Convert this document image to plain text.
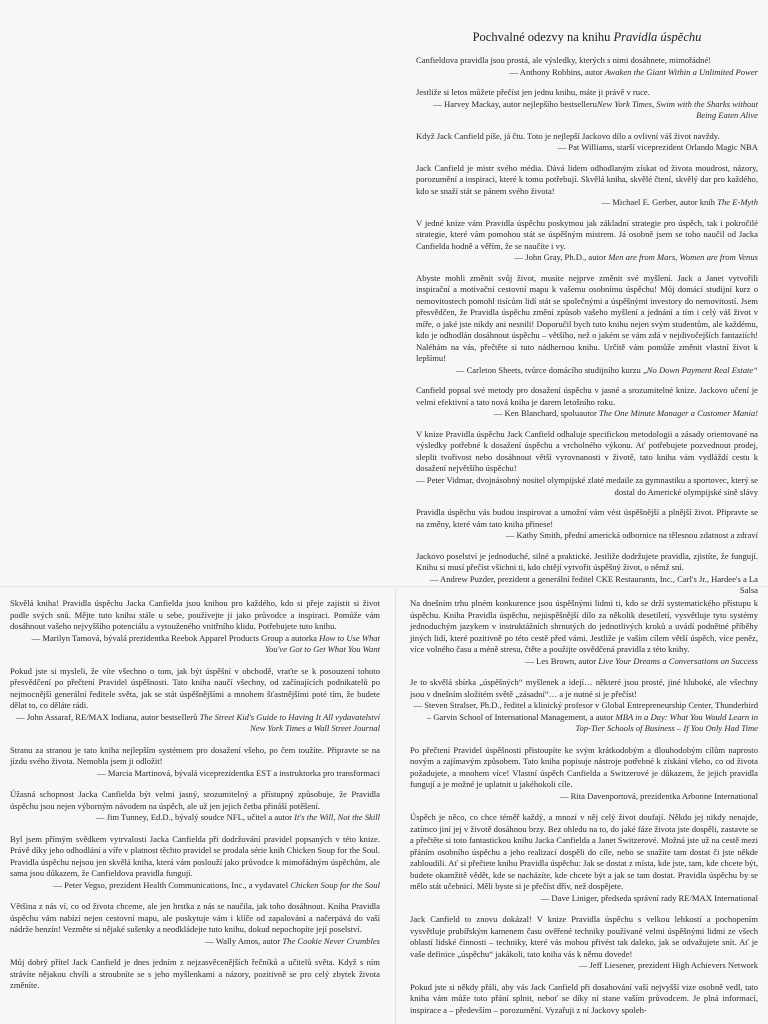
Pochvalné odezvy na knihu Pravidla úspěchu

Canfieldova pravidla jsou prostá, ale výsledky, kterých s nimi dosáhnete, mimořádné!

— Anthony Robbins, autor Awaken the Giant Within a Unlimited Power

Jestliže si letos můžete přečíst jen jednu knihu, máte ji právě v ruce.

— Harvey Mackay, autor nejlepšího bestselleruNew York Times, Swim with the Sharks without Being Eaten Alive

Když Jack Canfield píše, já čtu. Toto je nejlepší Jackovo dílo a ovlivní váš život navždy.

— Pat Williams, starší viceprezident Orlando Magic NBA

Jack Canfield je mistr svého média. Dává lidem odhodlaným získat od života moudrost, názory, porozumění a inspiraci, které k tomu potřebují. Skvělá kniha, skvělé čtení, skvělý dar pro každého, kdo se snaží stát se pánem svého života!

— Michael E. Gerber, autor knih The E-Myth

V jedné knize vám Pravidla úspěchu poskytnou jak základní strategie pro úspěch, tak i pokročilé strategie, které vám pomohou stát se úspěšným mistrem. Já osobně jsem se toho naučil od Jacka Canfielda hodně a věřím, že se naučíte i vy.

— John Gray, Ph.D., autor Men are from Mars, Women are from Venus

Abyste mohli změnit svůj život, musíte nejprve změnit své myšlení. Jack a Janet vytvořili inspirační a motivační cestovní mapu k vašemu osobnímu úspěchu! Můj domácí studijní kurz o nemovitostech pomohl tisícům lidí stát se společnými a úspěšnými investory do nemovitostí. Jsem přesvědčen, že Pravidla úspěchu změní způsob vašeho myšlení a jednání a tím i celý váš život v míře, o jaké jste nikdy ani nesnili! Doporučil bych tuto knihu nejen svým studentům, ale každému, kdo je odhodlán dosáhnout úspěchu – většího, než o jakém se vám zdá v nejdivočejších fantaziích! Naléhám na vás, přečtěte si tuto nádhernou knihu. Určitě vám pomůže změnit vlastní život k lepšímu!

— Carleton Sheets, tvůrce domácího studijního kurzu „No Down Payment Real Estate“

Canfield popsal své metody pro dosažení úspěchu v jasné a srozumitelné knize. Jackovo učení je velmi efektivní a tato nová kniha je darem letošního roku.

— Ken Blanchard, spoluautor The One Minute Manager a Customer Mania!

V knize Pravidla úspěchu Jack Canfield odhaluje specifickou metodologii a zásady orientované na výsledky potřebné k dosažení úspěchu a vrcholného výkonu. Ať potřebujete pozvednout prodej, sleplit tvořivost nebo dosáhnout větší vyrovnanosti v životě, tato kniha vám vydláždí cestu k dosažení největšího úspěchu!

— Peter Vidmar, dvojnásobný nositel olympijské zlaté medaile za gymnastiku a sportovec, který se dostal do Americké olympijské síně slávy

Pravidla úspěchu vás budou inspirovat a umožní vám vést úspěšnější a plnější život. Připravte se na změny, které vám tato kniha přinese!

— Kathy Smith, přední americká odbornice na tělesnou zdatnost a zdraví

Jackovo poselství je jednoduché, silné a praktické. Jestliže dodržujete pravidla, zjistíte, že fungují. Knihu si musí přečíst všichni ti, kdo chtějí vytvořit úspěšný život, o němž sní.

— Andrew Puzder, prezident a generální ředitel CKE Restaurants, Inc., Carl's Jr., Hardee's a La Salsa

Skvělá kniha! Pravidla úspěchu Jacka Canfielda jsou knihou pro každého, kdo si přeje zajistit si život podle svých snů. Mějte tuto knihu stále u sebe, používejte ji jako průvodce a inspiraci. Pomůže vám dosáhnout vašeho nejvyššího potenciálu a vytouženého vnitřního klidu. Potřebujete tuto knihu.

— Marilyn Tamová, bývalá prezidentka Reebok Apparel Products Group a autorka How to Use What You've Got to Get What You Want

Pokud jste si mysleli, že víte všechno o tom, jak být úspěšní v obchodě, vraťte se k posouzení tohoto přesvědčení po přečtení Pravidel úspěšnosti. Tato kniha naučí všechny, od začínajících podnikatelů po nejmocnější generální ředitele světa, jak se stát úspěšnějšími a mnohem šťastnějšími poté tím, že budete dělat to, co děláte rádi.

— John Assaraf, RE/MAX Indiana, autor bestsellerů The Street Kid's Guide to Having It All vydavatelství New York Times a Wall Street Journal

Stranu za stranou je tato kniha nejlepším systémem pro dosažení všeho, po čem toužíte. Připravte se na jízdu svého života. Nemohla jsem ji odložit!

— Marcia Martinová, bývalá viceprezidentka EST a instruktorka pro transformaci

Úžasná schopnost Jacka Canfielda být velmi jasný, srozumitelný a přístupný způsobuje, že Pravidla úspěchu jsou nejen výborným návodem na úspěch, ale už jen jejich četba přináší potěšení.

— Jim Tunney, Ed.D., bývalý soudce NFL, učitel a autor It's the Will, Not the Skill

Byl jsem přímým svědkem vytrvalosti Jacka Canfielda při dodržování pravidel popsaných v této knize. Právě díky jeho odhodlání a víře v platnost těchto pravidel se prodala série knih Chicken Soup for the Soul. Pravidla úspěchu nejsou jen skvělá kniha, která vám poslouží jako průvodce k mimořádným úspěchům, ale sama jsou důkazem, že Canfieldova pravidla fungují.

— Peter Vegso, prezident Health Communications, Inc., a vydavatel Chicken Soup for the Soul

Většina z nás ví, co od života chceme, ale jen hrstka z nás se naučila, jak toho dosáhnout. Kniha Pravidla úspěchu vám nabízí nejen cestovní mapu, ale poskytuje vám i klíče od zapalování a načerpává do vaší nádrže benzín! Vezměte si nějaké sušenky a neodkládejte tuto knihu, dokud nepochopíte její poselství.

— Wally Amos, autor The Cookie Never Crumbles

Můj dobrý přítel Jack Canfield je dnes jedním z nejzasvěcenějších řečníků a učitelů světa. Když s ním strávíte nějakou chvíli a stroubníte se s jeho myšlenkami a názory, pozitivně se pro celý zbytek života změníte.

Na dnešním trhu plném konkurence jsou úspěšnými lidmi ti, kdo se drží systematického přístupu k úspěchu. Kniha Pravidla úspěchu, nejúspěšnější dílo za několik desetiletí, vysvětluje tyto systémy jednoduchým jazykem v instruktážních shrnutých do jednotlivých kroků a uvádí podnětné příběhy jiných lidí, které pozitivně po této cestě před vámi. Jestliže je vaším cílem větší úspěch, více peněz, více volného času a méně stresu, čtěte a použijte osvědčená pravidla z této knihy.

— Les Brown, autor Live Your Dreams a Conversations on Success

Je to skvělá sbírka „úspěšných“ myšlenek a idejí… některé jsou prosté, jiné hluboké, ale všechny jsou v dnešním složitém světě „zásadní“… a je nutné si je přečíst!

— Steven Stralser, Ph.D., ředitel a klinický profesor v Global Entrepreneurship Center, Thunderbird – Garvin School of International Management, a autor MBA in a Day: What You Would Learn in Top-Tier Schools of Business – If You Only Had Time

Po přečtení Pravidel úspěšnosti přistoupíte ke svým krátkodobým a dlouhodobým cílům naprosto novým a zajímavým způsobem. Tato kniha popisuje nástroje potřebné k získání všeho, co od života požadujete, a mnohem více! Vlastní úspěch Canfielda a Switzerové je důkazem, že jejich pravidla fungují a je možné je uplatnit u jakéhokoli cíle.

— Rita Davenportová, prezidentka Arbonne International

Úspěch je něco, co chce téměř každý, a mnozí v něj celý život doufají. Někdo jej nikdy nenajde, zatímco jiní jej v životě dosáhnou brzy. Bez ohledu na to, do jaké fáze života jste dospěli, zastavte se a přečtěte si toto fantastickou knihu Jacka Canfielda a Janet Switzerové. Možná jste už na cestě mezi přáním osobního úspěchu a jeho realizací dospěli do cíle, nebo se snažíte tam dostat či jste někde zabloudili. Ať si přečtete knihu Pravidla úspěchu: Jak se dostat z místa, kde jste, tam, kde chcete být, budete okamžitě vědět, kde se nacházíte, kde chcete být a jak se tam dostat. Pravidla úspěchu by se mělo stát učebnicí. Měli byste si je přečíst dřív, než dospějete.

— Dave Liniger, předseda správní rady RE/MAX International

Jack Canfield to znovu dokázal! V knize Pravidla úspěchu s velkou lehkostí a pochopením vysvětluje prubířským kamenem času ověřené techniky používané velmi úspěšnými lidmi ze všech oblastí lidské činnosti – techniky, které vás mohou přivést tak daleko, jak se odvažujete snít. Ať je vaše definice „úspěchu“ jakákoli, tato kniha vás k němu dovede!

— Jeff Liesener, prezident High Achievers Network

Pokud jste si někdy přáli, aby vás Jack Canfield při dosahování vaší nejvyšší vize osobně vedl, tato kniha vám může toto přání splnit, neboť se díky ní stane vaším průvodcem. Je plná informací, inspirace a – především – porozumění. Vyzařuji z ní Jackovy spoleh-
